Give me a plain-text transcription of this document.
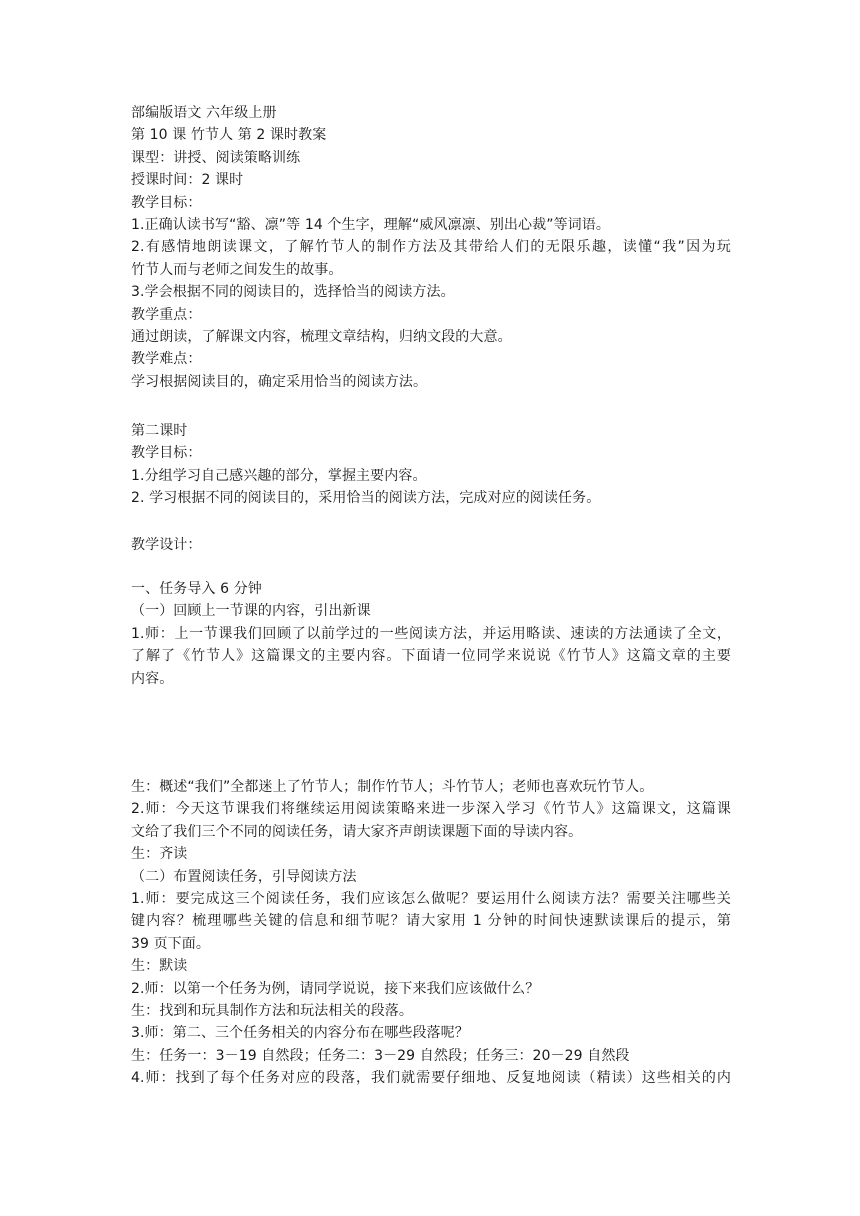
部编版语文 六年级上册
第 10 课 竹节人 第 2 课时教案
课型：讲授、阅读策略训练
授课时间：2 课时
教学目标：
1.正确认读书写“豁、凛”等 14 个生字，理解“威风凛凛、别出心裁”等词语。
2.有感情地朗读课文，了解竹节人的制作方法及其带给人们的无限乐趣，读懂“我”因为玩
竹节人而与老师之间发生的故事。
3.学会根据不同的阅读目的，选择恰当的阅读方法。
教学重点：
通过朗读，了解课文内容，梳理文章结构，归纳文段的大意。
教学难点：
学习根据阅读目的，确定采用恰当的阅读方法。
第二课时
教学目标：
1.分组学习自己感兴趣的部分，掌握主要内容。
2. 学习根据不同的阅读目的，采用恰当的阅读方法，完成对应的阅读任务。
教学设计：
一、任务导入 6 分钟
（一）回顾上一节课的内容，引出新课
1.师：上一节课我们回顾了以前学过的一些阅读方法，并运用略读、速读的方法通读了全文，
了解了《竹节人》这篇课文的主要内容。下面请一位同学来说说《竹节人》这篇文章的主要
内容。
生：概述“我们”全都迷上了竹节人；制作竹节人；斗竹节人；老师也喜欢玩竹节人。
2.师：今天这节课我们将继续运用阅读策略来进一步深入学习《竹节人》这篇课文，这篇课
文给了我们三个不同的阅读任务，请大家齐声朗读课题下面的导读内容。
生：齐读
（二）布置阅读任务，引导阅读方法
1.师：要完成这三个阅读任务，我们应该怎么做呢？要运用什么阅读方法？需要关注哪些关
键内容？梳理哪些关键的信息和细节呢？请大家用 1 分钟的时间快速默读课后的提示，第
39 页下面。
生：默读
2.师：以第一个任务为例，请同学说说，接下来我们应该做什么？
生：找到和玩具制作方法和玩法相关的段落。
3.师：第二、三个任务相关的内容分布在哪些段落呢？
生：任务一：3－19 自然段；任务二：3－29 自然段；任务三：20－29 自然段
4.师：找到了每个任务对应的段落，我们就需要仔细地、反复地阅读（精读）这些相关的内
